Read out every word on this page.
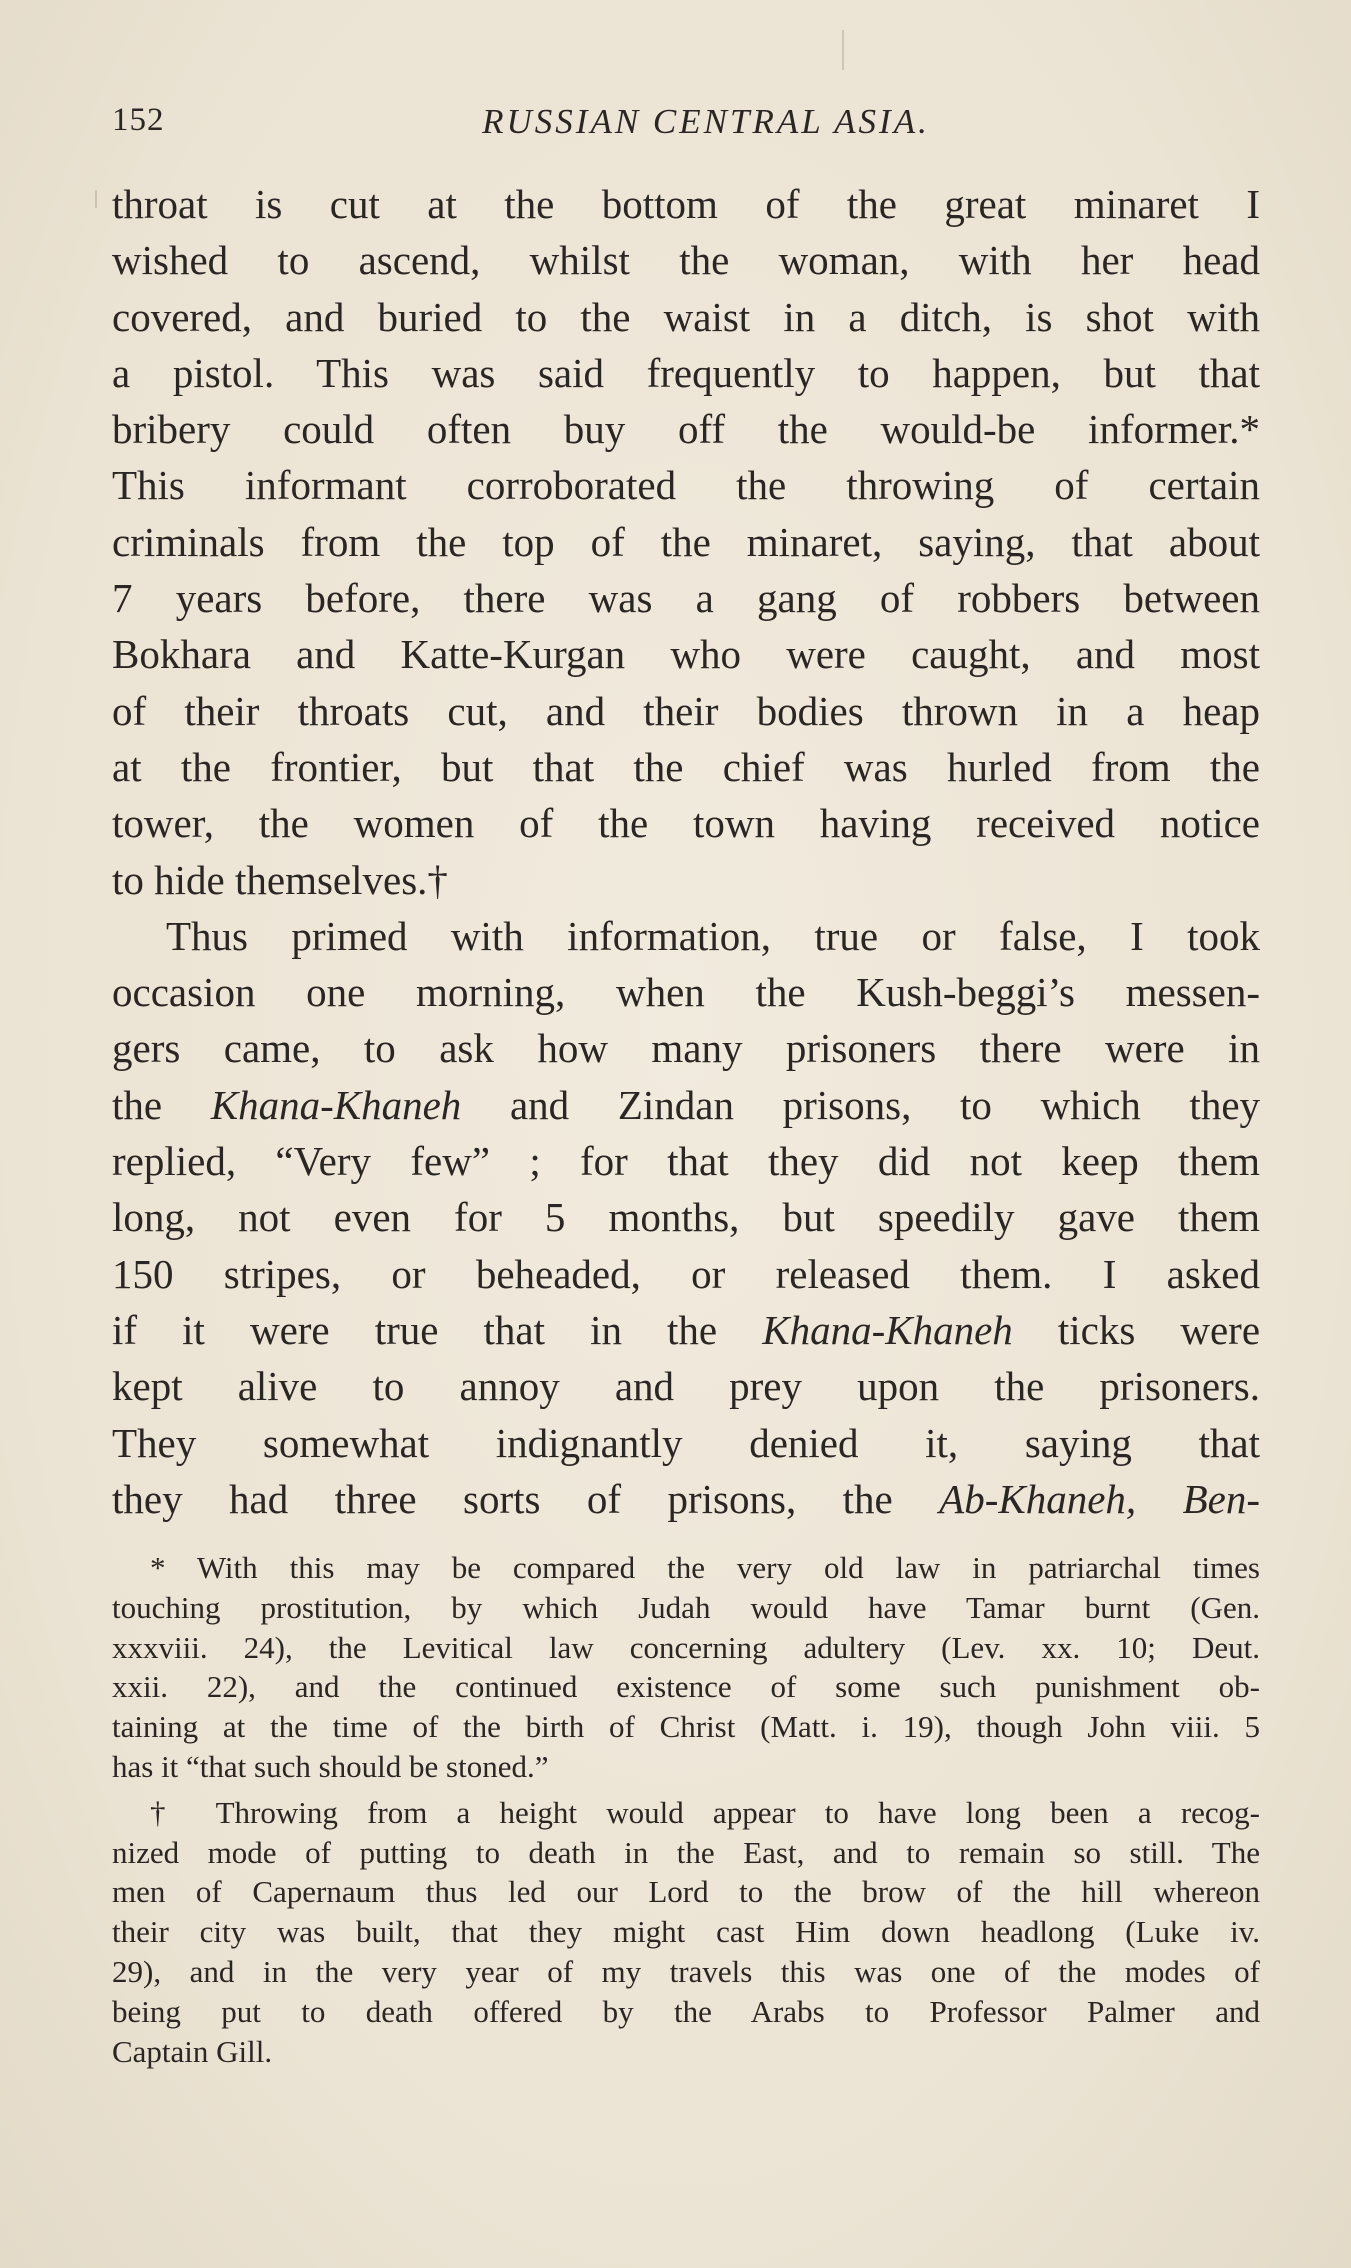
152	RUSSIAN CENTRAL ASIA.
throat is cut at the bottom of the great minaret I
wished to ascend, whilst the woman, with her head
covered, and buried to the waist in a ditch, is shot with
a pistol. This was said frequently to happen, but that
bribery could often buy off the would-be informer.*
This informant corroborated the throwing of certain
criminals from the top of the minaret, saying, that about
7 years before, there was a gang of robbers between
Bokhara and Katte-Kurgan who were caught, and most
of their throats cut, and their bodies thrown in a heap
at the frontier, but that the chief was hurled from the
tower, the women of the town having received notice
to hide themselves.†
Thus primed with information, true or false, I took
occasion one morning, when the Kush-beggi’s messen-
gers came, to ask how many prisoners there were in
the Khana-Khaneh and Zindan prisons, to which they
replied, “Very few” ; for that they did not keep them
long, not even for 5 months, but speedily gave them
150 stripes, or beheaded, or released them. I asked
if it were true that in the Khana-Khaneh ticks were
kept alive to annoy and prey upon the prisoners.
They somewhat indignantly denied it, saying that
they had three sorts of prisons, the Ab-Khaneh, Ben-
* With this may be compared the very old law in patriarchal times
touching prostitution, by which Judah would have Tamar burnt (Gen.
xxxviii. 24), the Levitical law concerning adultery (Lev. xx. 10; Deut.
xxii. 22), and the continued existence of some such punishment ob-
taining at the time of the birth of Christ (Matt. i. 19), though John viii. 5
has it “that such should be stoned.”
† Throwing from a height would appear to have long been a recog-
nized mode of putting to death in the East, and to remain so still. The
men of Capernaum thus led our Lord to the brow of the hill whereon
their city was built, that they might cast Him down headlong (Luke iv.
29), and in the very year of my travels this was one of the modes of
being put to death offered by the Arabs to Professor Palmer and
Captain Gill.
